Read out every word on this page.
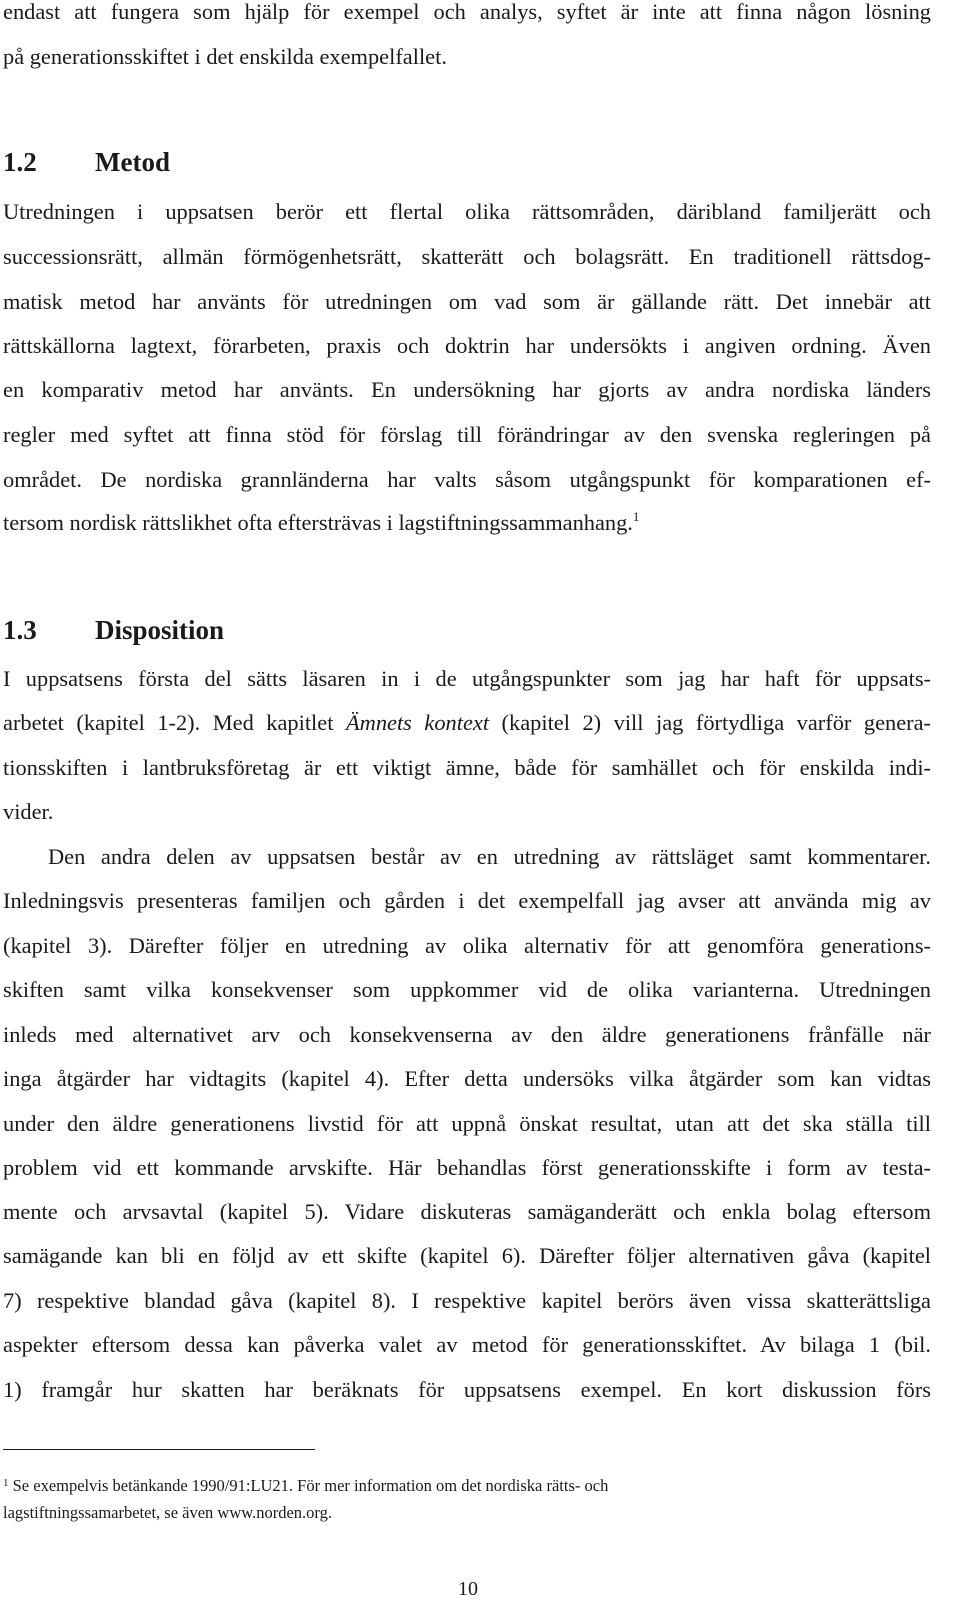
endast att fungera som hjälp för exempel och analys, syftet är inte att finna någon lösning
på generationsskiftet i det enskilda exempelfallet.
1.2 Metod
Utredningen i uppsatsen berör ett flertal olika rättsområden, däribland familjerätt och
successionsrätt, allmän förmögenhetsrätt, skatterätt och bolagsrätt. En traditionell rättsdog-
matisk metod har använts för utredningen om vad som är gällande rätt. Det innebär att
rättskällorna lagtext, förarbeten, praxis och doktrin har undersökts i angiven ordning. Även
en komparativ metod har använts. En undersökning har gjorts av andra nordiska länders
regler med syftet att finna stöd för förslag till förändringar av den svenska regleringen på
området. De nordiska grannländerna har valts såsom utgångspunkt för komparationen ef-
tersom nordisk rättslikhet ofta eftersträvas i lagstiftningssammanhang.$^1$
1.3 Disposition
I uppsatsens första del sätts läsaren in i de utgångspunkter som jag har haft för uppsats-
arbetet (kapitel 1-2). Med kapitlet Ämnets kontext (kapitel 2) vill jag förtydliga varför genera-
tionsskiften i lantbruksföretag är ett viktigt ämne, både för samhället och för enskilda indi-
vider.
Den andra delen av uppsatsen består av en utredning av rättsläget samt kommentarer.
Inledningsvis presenteras familjen och gården i det exempelfall jag avser att använda mig av
(kapitel 3). Därefter följer en utredning av olika alternativ för att genomföra generations-
skiften samt vilka konsekvenser som uppkommer vid de olika varianterna. Utredningen
inleds med alternativet arv och konsekvenserna av den äldre generationens frånfälle när
inga åtgärder har vidtagits (kapitel 4). Efter detta undersöks vilka åtgärder som kan vidtas
under den äldre generationens livstid för att uppnå önskat resultat, utan att det ska ställa till
problem vid ett kommande arvskifte. Här behandlas först generationsskifte i form av testa-
mente och arvsavtal (kapitel 5). Vidare diskuteras samäganderätt och enkla bolag eftersom
samägande kan bli en följd av ett skifte (kapitel 6). Därefter följer alternativen gåva (kapitel
7) respektive blandad gåva (kapitel 8). I respektive kapitel berörs även vissa skatterättsliga
aspekter eftersom dessa kan påverka valet av metod för generationsskiftet. Av bilaga 1 (bil.
1) framgår hur skatten har beräknats för uppsatsens exempel. En kort diskussion förs
$^1$ Se exempelvis betänkande 1990/91:LU21. För mer information om det nordiska rätts- och
lagstiftningssamarbetet, se även www.norden.org.
10
